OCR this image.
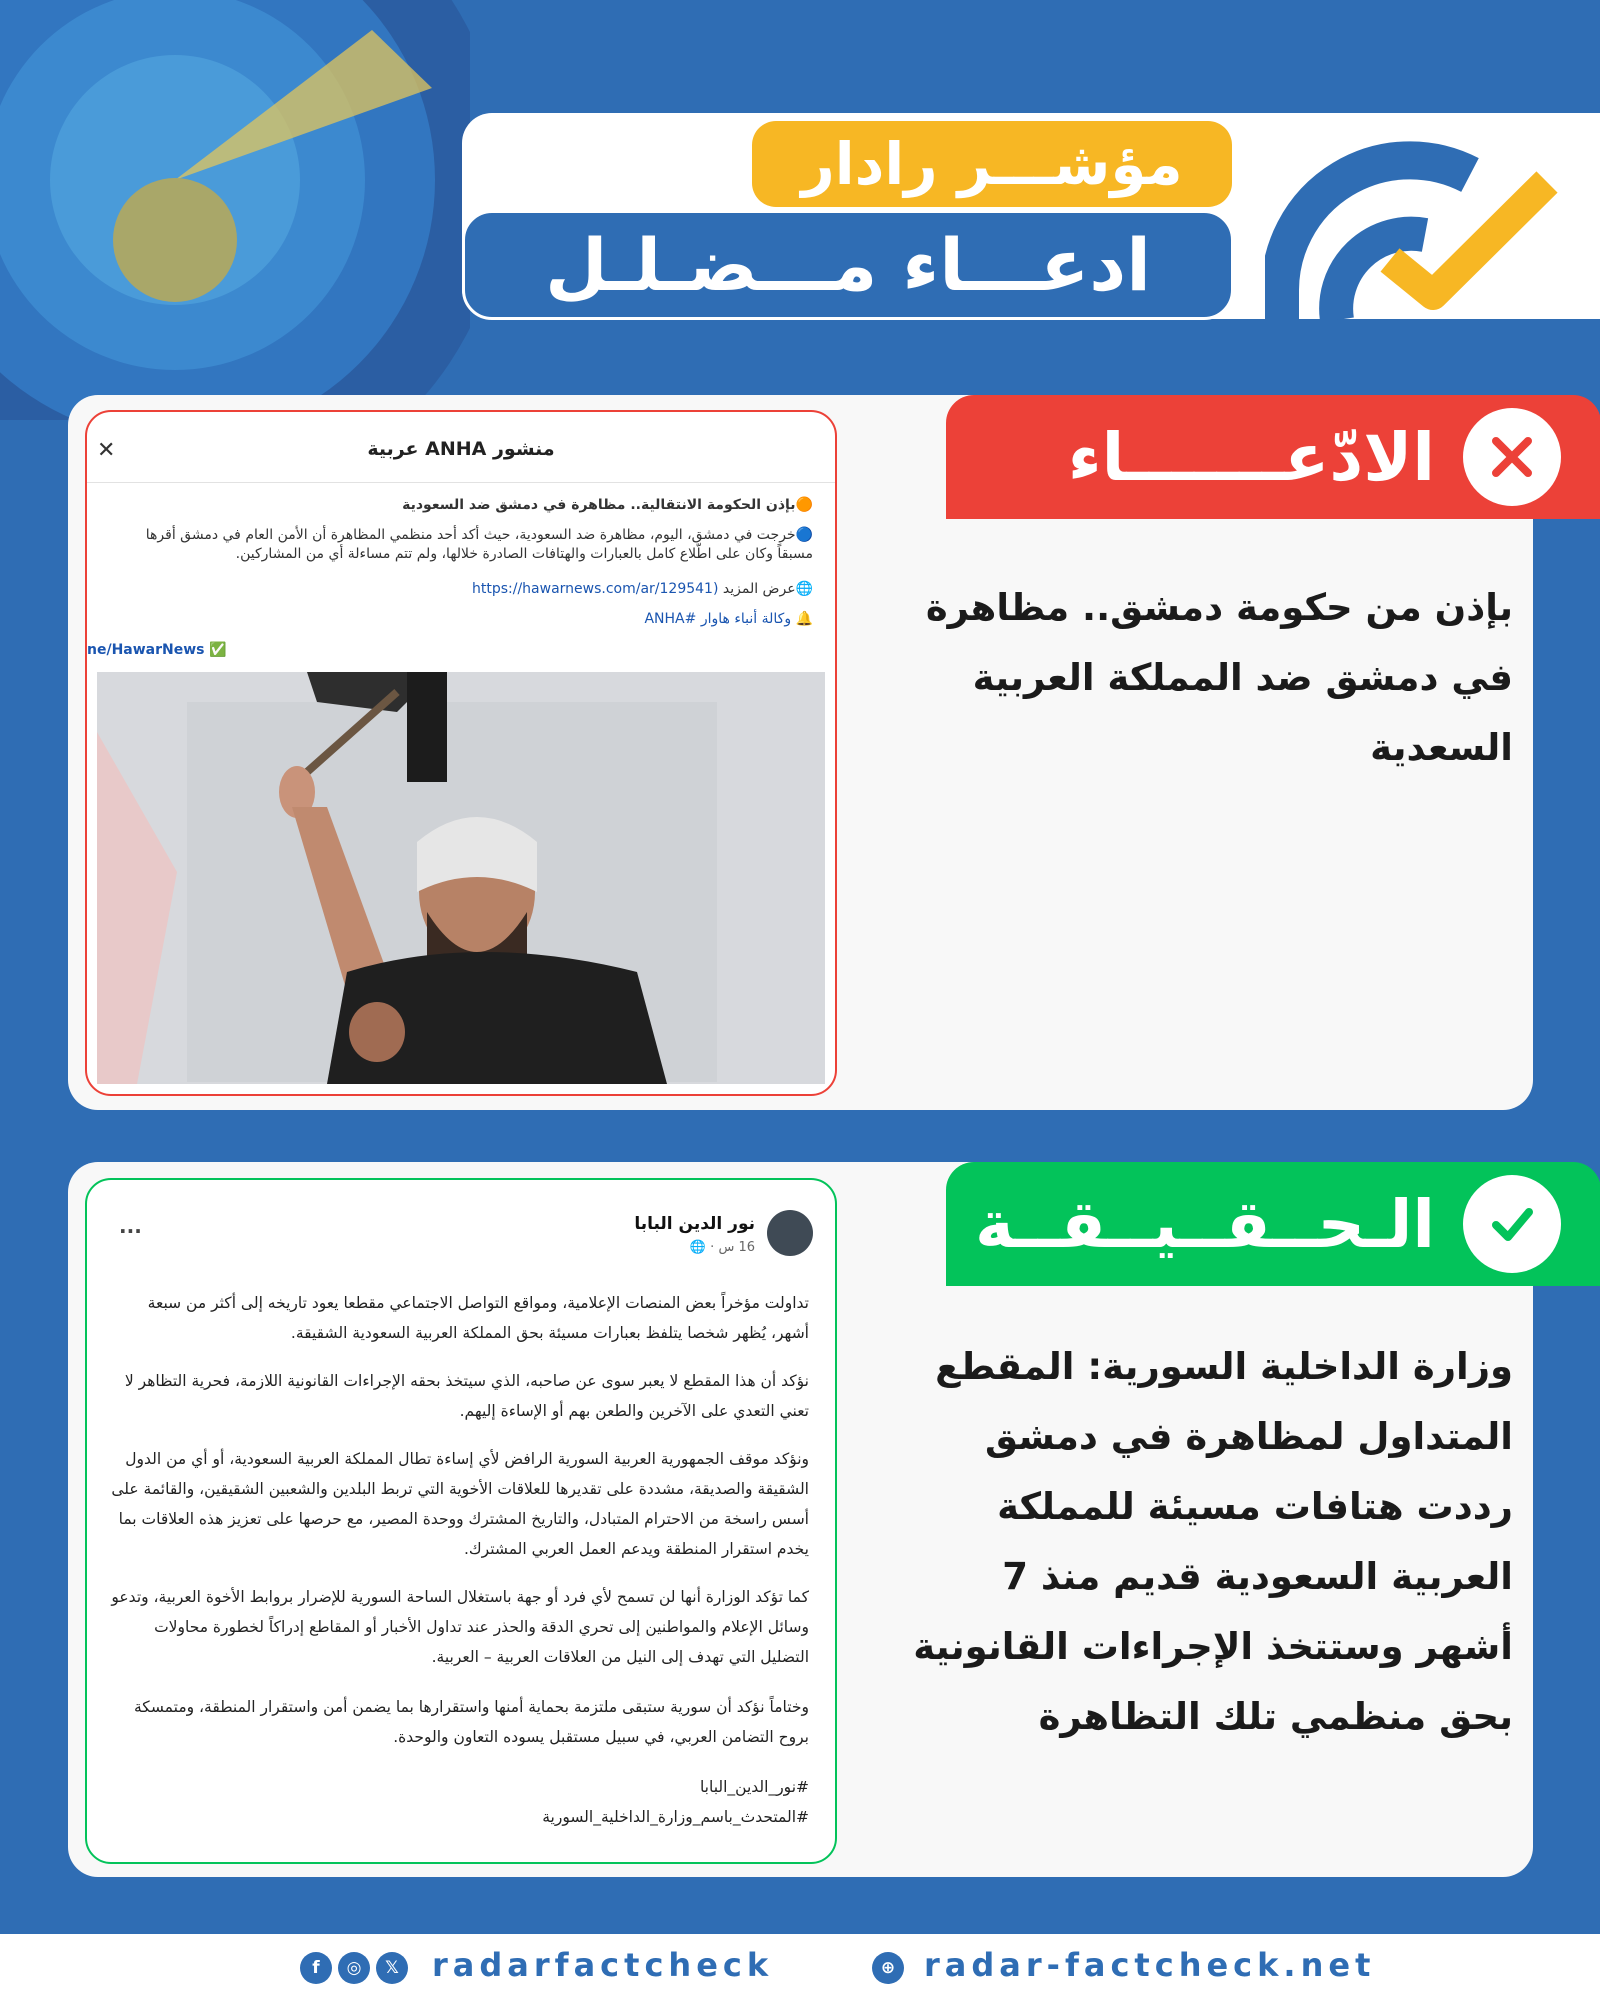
مؤشـــر رادار
ادعـــاء مـــضـلـل
الادّعـــــــاء
بإذن من حكومة دمشق.. مظاهرة في دمشق ضد المملكة العربية السعدية
✕	منشور ANHA عربية
🟠بإذن الحكومة الانتقالية.. مظاهرة في دمشق ضد السعودية
🔵خرجت في دمشق، اليوم، مظاهرة ضد السعودية، حيث أكد أحد منظمي المظاهرة أن الأمن العام في دمشق أقرها مسبقاً وكان على اطّلاع كامل بالعبارات والهتافات الصادرة خلالها، ولم تتم مساءلة أي من المشاركين.
🌐عرض المزيد (https://hawarnews.com/ar/129541
🔔 وكالة أنباء هاوار #ANHA
ne/HawarNews ✅
الـحــقــيــقــة
وزارة الداخلية السورية: المقطع المتداول لمظاهرة في دمشق رددت هتافات مسيئة للمملكة العربية السعودية قديم منذ 7 أشهر وستتخذ الإجراءات القانونية بحق منظمي تلك التظاهرة
نور الدين البابا
16 س · 🌐
...
تداولت مؤخراً بعض المنصات الإعلامية، ومواقع التواصل الاجتماعي مقطعا يعود تاريخه إلى أكثر من سبعة أشهر، يُظهر شخصا يتلفظ بعبارات مسيئة بحق المملكة العربية السعودية الشقيقة.
نؤكد أن هذا المقطع لا يعبر سوى عن صاحبه، الذي سيتخذ بحقه الإجراءات القانونية اللازمة، فحرية التظاهر لا تعني التعدي على الآخرين والطعن بهم أو الإساءة إليهم.
ونؤكد موقف الجمهورية العربية السورية الرافض لأي إساءة تطال المملكة العربية السعودية، أو أي من الدول الشقيقة والصديقة، مشددة على تقديرها للعلاقات الأخوية التي تربط البلدين والشعبين الشقيقين، والقائمة على أسس راسخة من الاحترام المتبادل، والتاريخ المشترك ووحدة المصير، مع حرصها على تعزيز هذه العلاقات بما يخدم استقرار المنطقة ويدعم العمل العربي المشترك.
كما تؤكد الوزارة أنها لن تسمح لأي فرد أو جهة باستغلال الساحة السورية للإضرار بروابط الأخوة العربية، وتدعو وسائل الإعلام والمواطنين إلى تحري الدقة والحذر عند تداول الأخبار أو المقاطع إدراكاً لخطورة محاولات التضليل التي تهدف إلى النيل من العلاقات العربية – العربية.
وختاماً نؤكد أن سورية ستبقى ملتزمة بحماية أمنها واستقرارها بما يضمن أمن واستقرار المنطقة، ومتمسكة بروح التضامن العربي، في سبيل مستقبل يسوده التعاون والوحدة.
#نور_الدين_البابا
#المتحدث_باسم_وزارة_الداخلية_السورية
f	◎	𝕏 radarfactcheck	⊕ radar-factcheck.net
